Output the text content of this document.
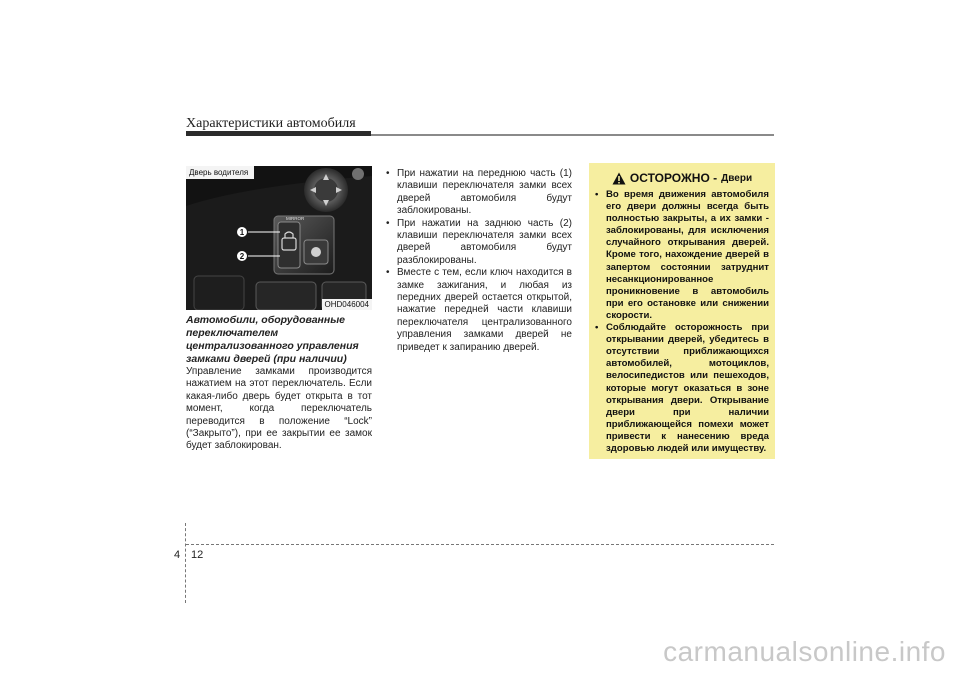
Характеристики автомобиля
MIRROR
1
2
Дверь водителя
OHD046004
Автомобили, оборудованные переключателем централизованного управления замками дверей (при наличии)
Управление замками производится нажатием на этот переключатель. Если какая-либо дверь будет открыта в тот момент, когда переключатель переводится в положение “Lock” (“Закрыто”), при ее закрытии ее замок будет заблокирован.
• При нажатии на переднюю часть (1) клавиши переключателя замки всех дверей автомобиля будут заблокированы.
• При нажатии на заднюю часть (2) клавиши переключателя замки всех дверей автомобиля будут разблокированы.
• Вместе с тем, если ключ находится в замке зажигания, и любая из передних дверей остается открытой, нажатие передней части клавиши переключателя централизованного управления замками дверей не приведет к запиранию дверей.
ОСТОРОЖНО - Двери
• Во время движения автомобиля его двери должны всегда быть полностью закрыты, а их замки - заблокированы, для исключения случайного открывания дверей. Кроме того, нахождение дверей в запертом состоянии затруднит несанкционированное проникновение в автомобиль при его остановке или снижении скорости.
• Соблюдайте осторожность при открывании дверей, убедитесь в отсутствии приближающихся автомобилей, мотоциклов, велосипедистов или пешеходов, которые могут оказаться в зоне открывания двери. Открывание двери при наличии приближающейся помехи может привести к нанесению вреда здоровью людей или имуществу.
4 12
carmanualsonline.info
